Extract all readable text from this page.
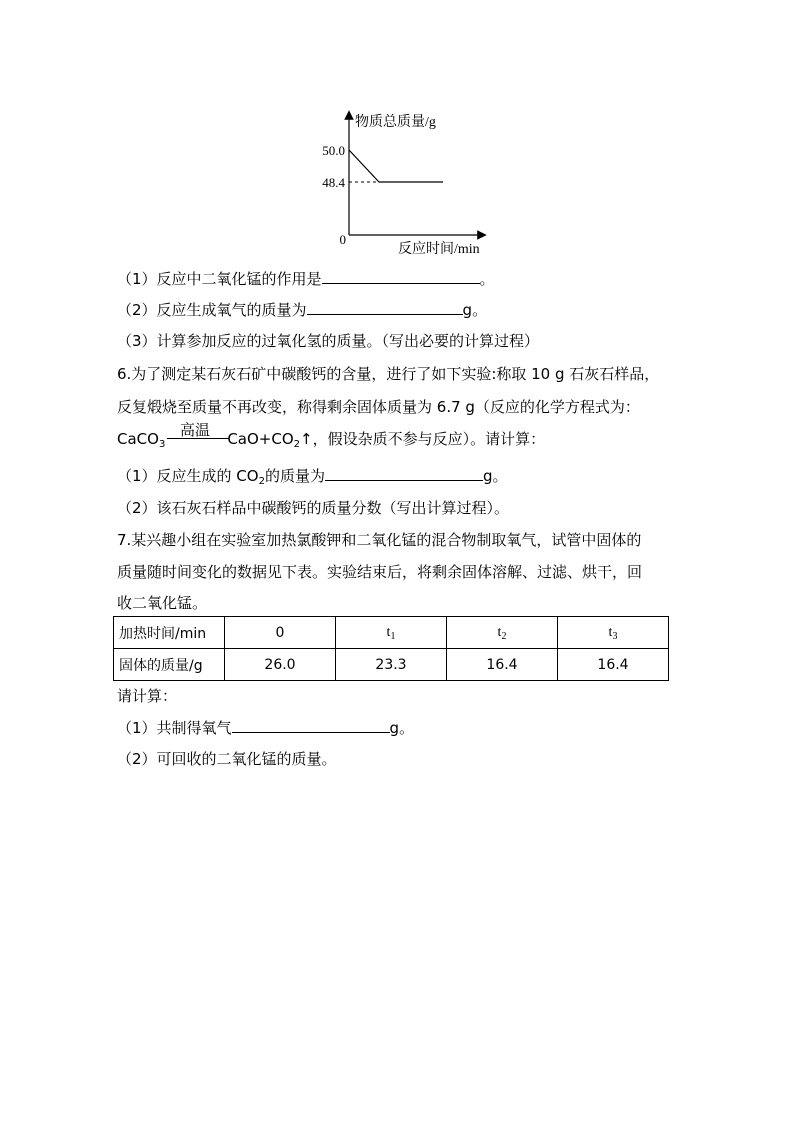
物质总质量/g
50.0
48.4
0
反应时间/min
（1）反应中二氧化锰的作用是	。
（2）反应生成氧气的质量为	g。
（3）计算参加反应的过氧化氢的质量。（写出必要的计算过程）
6.为了测定某石灰石矿中碳酸钙的含量，进行了如下实验:称取 10 g 石灰石样品，
反复煅烧至质量不再改变，称得剩余固体质量为 6.7 g（反应的化学方程式为：
CaCO$_3$	$CaO+CO_2↑$，假设杂质不参与反应）。请计算：
高温
（1）反应生成的 $CO_2$的质量为	g。
（2）该石灰石样品中碳酸钙的质量分数（写出计算过程）。
7.某兴趣小组在实验室加热氯酸钾和二氧化锰的混合物制取氧气，试管中固体的
质量随时间变化的数据见下表。实验结束后，将剩余固体溶解、过滤、烘干，回
收二氧化锰。
加热时间/min	0	$t_1$	$t_2$	$t_3$
固体的质量/g	26.0	23.3	16.4	16.4
请计算：
（1）共制得氧气	g。
（2）可回收的二氧化锰的质量。
